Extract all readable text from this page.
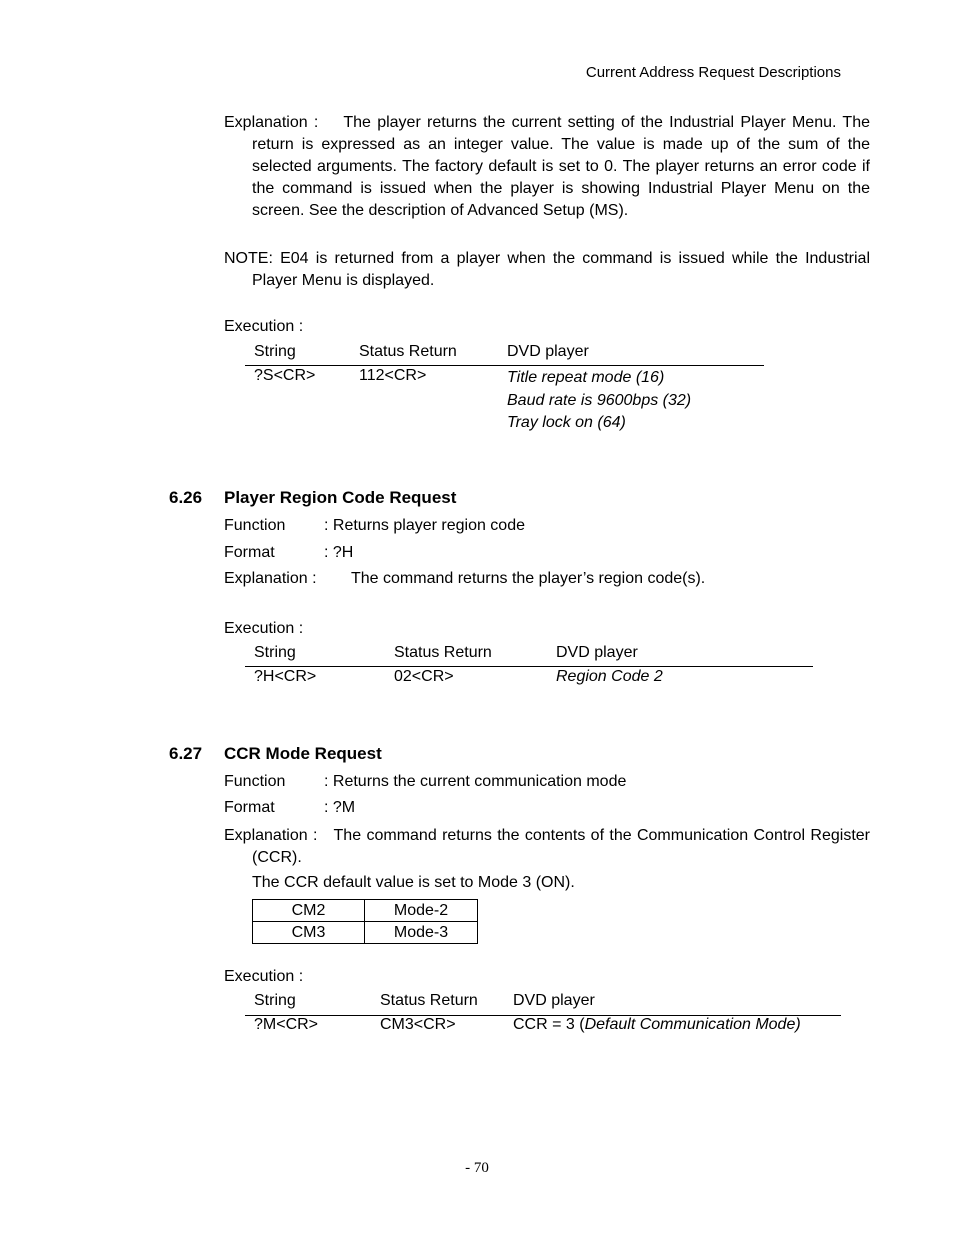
Current Address Request Descriptions
Explanation : The player returns the current setting of the Industrial Player Menu. The return is expressed as an integer value. The value is made up of the sum of the selected arguments. The factory default is set to 0. The player returns an error code if the command is issued when the player is showing Industrial Player Menu on the screen. See the description of Advanced Setup (MS).
NOTE: E04 is returned from a player when the command is issued while the Industrial Player Menu is displayed.
Execution :
String	Status Return	DVD player
?S<CR>	112<CR>	Title repeat mode (16)
Baud rate is 9600bps (32)
Tray lock on (64)
6.26 Player Region Code Request
Function : Returns player region code
Format	: ?H
Explanation : The command returns the player’s region code(s).
Execution :
String	Status Return	DVD player
?H<CR>	02<CR>	Region Code 2
6.27 CCR Mode Request
Function : Returns the current communication mode
Format	: ?M
Explanation : The command returns the contents of the Communication Control Register (CCR).
The CCR default value is set to Mode 3 (ON).
CM2	Mode-2
CM3	Mode-3
Execution :
String	Status Return DVD player
?M<CR>	CM3<CR>	CCR = 3 (Default Communication Mode)
- 70
